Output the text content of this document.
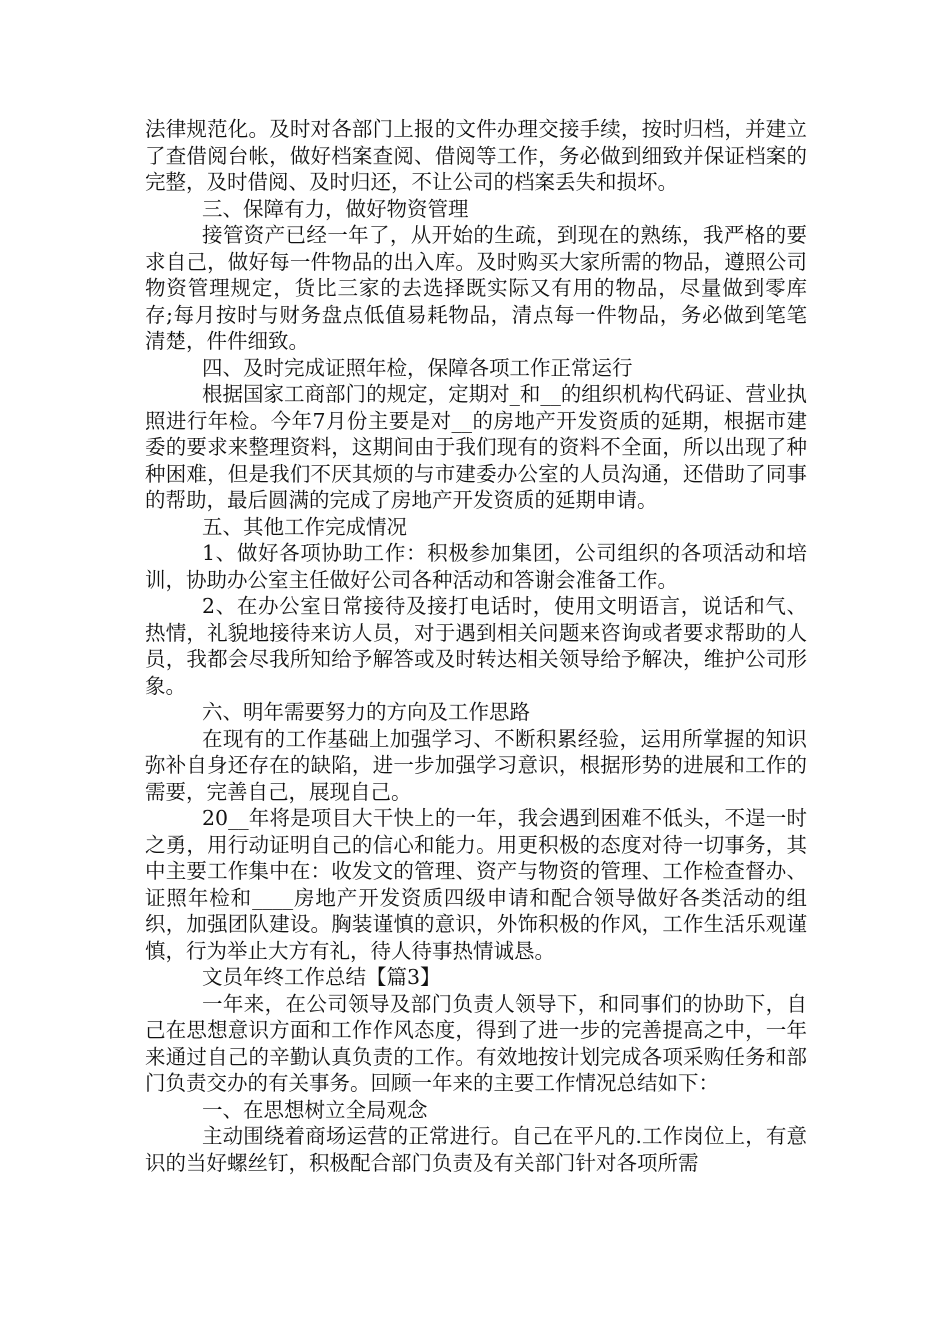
法律规范化。及时对各部门上报的文件办理交接手续，按时归档，并建立了查借阅台帐，做好档案查阅、借阅等工作，务必做到细致并保证档案的完整，及时借阅、及时归还，不让公司的档案丢失和损坏。

三、保障有力，做好物资管理

接管资产已经一年了，从开始的生疏，到现在的熟练，我严格的要求自己，做好每一件物品的出入库。及时购买大家所需的物品，遵照公司物资管理规定，货比三家的去选择既实际又有用的物品，尽量做到零库存;每月按时与财务盘点低值易耗物品，清点每一件物品，务必做到笔笔清楚，件件细致。

四、及时完成证照年检，保障各项工作正常运行

根据国家工商部门的规定，定期对_和__的组织机构代码证、营业执照进行年检。今年7月份主要是对__的房地产开发资质的延期，根据市建委的要求来整理资料，这期间由于我们现有的资料不全面，所以出现了种种困难，但是我们不厌其烦的与市建委办公室的人员沟通，还借助了同事的帮助，最后圆满的完成了房地产开发资质的延期申请。

五、其他工作完成情况

1、做好各项协助工作：积极参加集团，公司组织的各项活动和培训，协助办公室主任做好公司各种活动和答谢会准备工作。

2、在办公室日常接待及接打电话时，使用文明语言，说话和气、热情，礼貌地接待来访人员，对于遇到相关问题来咨询或者要求帮助的人员，我都会尽我所知给予解答或及时转达相关领导给予解决，维护公司形象。

六、明年需要努力的方向及工作思路

在现有的工作基础上加强学习、不断积累经验，运用所掌握的知识弥补自身还存在的缺陷，进一步加强学习意识，根据形势的进展和工作的需要，完善自己，展现自己。

20__年将是项目大干快上的一年，我会遇到困难不低头，不逞一时之勇，用行动证明自己的信心和能力。用更积极的态度对待一切事务，其中主要工作集中在：收发文的管理、资产与物资的管理、工作检查督办、证照年检和____房地产开发资质四级申请和配合领导做好各类活动的组织，加强团队建设。胸装谨慎的意识，外饰积极的作风，工作生活乐观谨慎，行为举止大方有礼，待人待事热情诚恳。

文员年终工作总结【篇3】

一年来，在公司领导及部门负责人领导下，和同事们的协助下，自己在思想意识方面和工作作风态度，得到了进一步的完善提高之中，一年来通过自己的辛勤认真负责的工作。有效地按计划完成各项采购任务和部门负责交办的有关事务。回顾一年来的主要工作情况总结如下：

一、在思想树立全局观念

主动围绕着商场运营的正常进行。自己在平凡的.工作岗位上，有意识的当好螺丝钉，积极配合部门负责及有关部门针对各项所需
